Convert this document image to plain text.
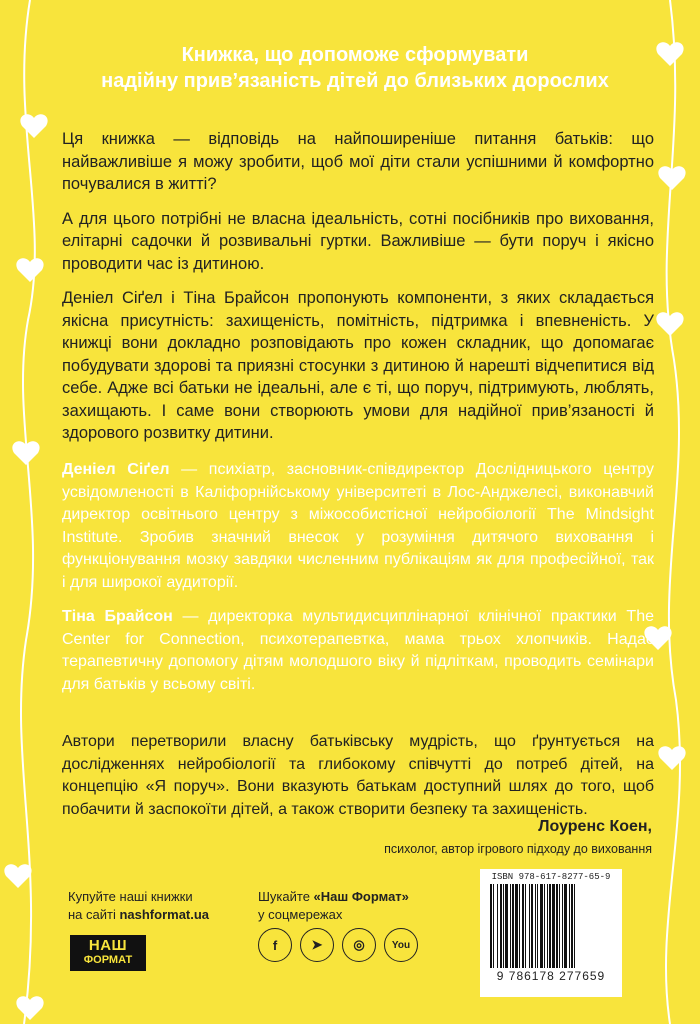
Книжка, що допоможе сформувати
надійну прив’язаність дітей до близьких дорослих

Ця книжка — відповідь на найпоширеніше питання батьків: що найважливіше я можу зробити, щоб мої діти стали успішними й комфортно почувалися в житті?

А для цього потрібні не власна ідеальність, сотні посібників про виховання, елітарні садочки й розвивальні гуртки. Важливіше — бути поруч і якісно проводити час із дитиною.

Деніел Сіґел і Тіна Брайсон пропонують компоненти, з яких складається якісна присутність: захищеність, помітність, підтримка і впевненість. У книжці вони докладно розповідають про кожен складник, що допомагає побудувати здорові та приязні стосунки з дитиною й нарешті відчепитися від себе. Адже всі батьки не ідеальні, але є ті, що поруч, підтримують, люблять, захищають. І саме вони створюють умови для надійної прив’язаності й здорового розвитку дитини.

Деніел Сіґел — психіатр, засновник-співдиректор Дослідницького центру усвідомленості в Каліфорнійському університеті в Лос-Анджелесі, виконавчий директор освітнього центру з міжособистісної нейробіології The Mindsight Institute. Зробив значний внесок у розуміння дитячого виховання і функціонування мозку завдяки численним публікаціям як для професійної, так і для широкої аудиторії.

Тіна Брайсон — директорка мультидисциплінарної клінічної практики The Center for Connection, психотерапевтка, мама трьох хлопчиків. Надає терапевтичну допомогу дітям молодшого віку й підліткам, проводить семінари для батьків у всьому світі.

Автори перетворили власну батьківську мудрість, що ґрунтується на дослідженнях нейробіології та глибокому співчутті до потреб дітей, на концепцію «Я поруч». Вони вказують батькам доступний шлях до того, щоб побачити й заспокоїти дітей, а також створити безпеку та захищеність.
Лоуренс Коен,
психолог, автор ігрового підходу до виховання
Купуйте наші книжки
на сайті nashformat.ua
НАШ
ФОРМАТ
Шукайте «Наш Формат»
у соцмережах
f	➤	◎	You
ISBN 978-617-8277-65-9
9 786178 277659
